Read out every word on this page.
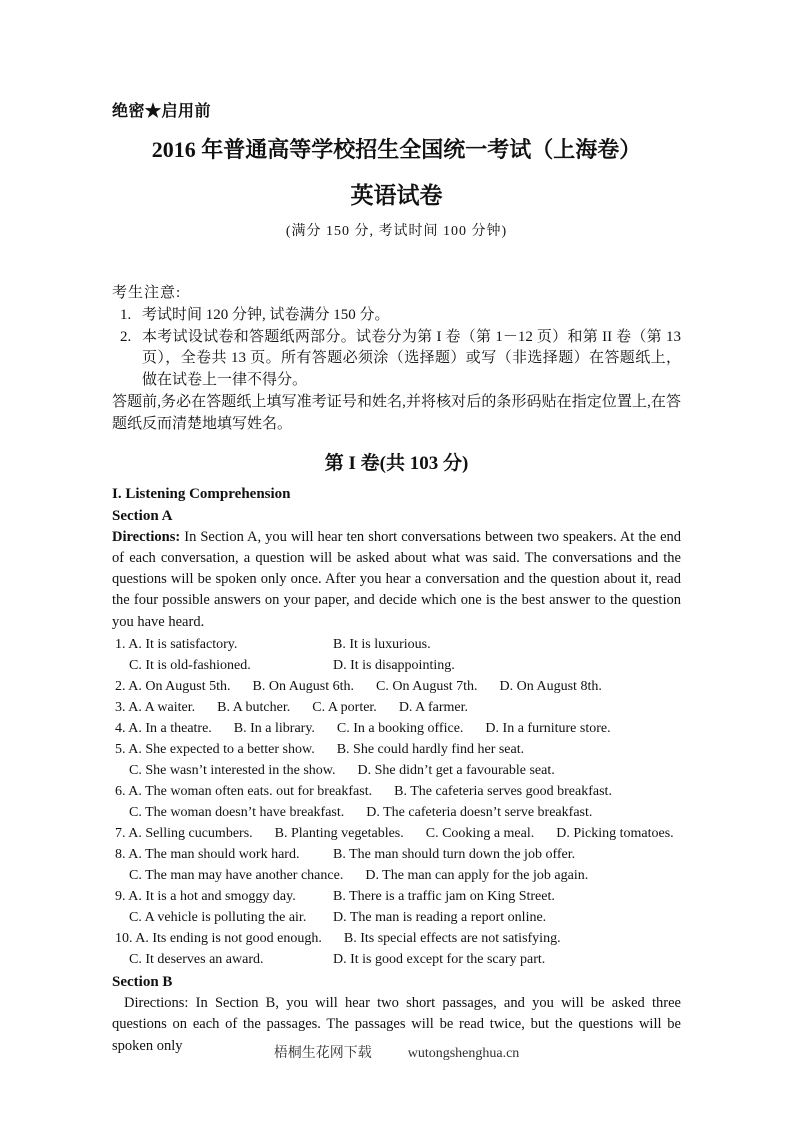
绝密★启用前
2016 年普通高等学校招生全国统一考试（上海卷）
英语试卷
(满分 150 分, 考试时间 100 分钟)
考生注意:
1. 考试时间 120 分钟, 试卷满分 150 分。
2. 本考试设试卷和答题纸两部分。试卷分为第 I 卷（第 1－12 页）和第 II 卷（第 13 页），全卷共 13 页。所有答题必须涂（选择题）或写（非选择题）在答题纸上，做在试卷上一律不得分。
答题前,务必在答题纸上填写准考证号和姓名,并将核对后的条形码贴在指定位置上,在答题纸反而清楚地填写姓名。
第 I 卷(共 103 分)
I. Listening Comprehension
Section A

Directions: In Section A, you will hear ten short conversations between two speakers. At the end of each conversation, a question will be asked about what was said. The conversations and the questions will be spoken only once. After you hear a conversation and the question about it, read the four possible answers on your paper, and decide which one is the best answer to the question you have heard.

1. A. It is satisfactory.	B. It is luxurious.
C. It is old-fashioned.	D. It is disappointing.
2. A. On August 5th. B. On August 6th. C. On August 7th. D. On August 8th.
3. A. A waiter. B. A butcher. C. A porter. D. A farmer.
4. A. In a theatre. B. In a library. C. In a booking office. D. In a furniture store.
5. A. She expected to a better show. B. She could hardly find her seat.
C. She wasn’t interested in the show. D. She didn’t get a favourable seat.
6. A. The woman often eats. out for breakfast. B. The cafeteria serves good breakfast.
C. The woman doesn’t have breakfast. D. The cafeteria doesn’t serve breakfast.
7. A. Selling cucumbers. B. Planting vegetables. C. Cooking a meal. D. Picking tomatoes.
8. A. The man should work hard.	B. The man should turn down the job offer.
C. The man may have another chance. D. The man can apply for the job again.
9. A. It is a hot and smoggy day.	B. There is a traffic jam on King Street.
C. A vehicle is polluting the air.	D. The man is reading a report online.
10. A. Its ending is not good enough. B. Its special effects are not satisfying.
C. It deserves an award.	D. It is good except for the scary part.
Section B

Directions: In Section B, you will hear two short passages, and you will be asked three questions on each of the passages. The passages will be read twice, but the questions will be spoken only	梧桐生花网下载	wutongshenghua.cn
